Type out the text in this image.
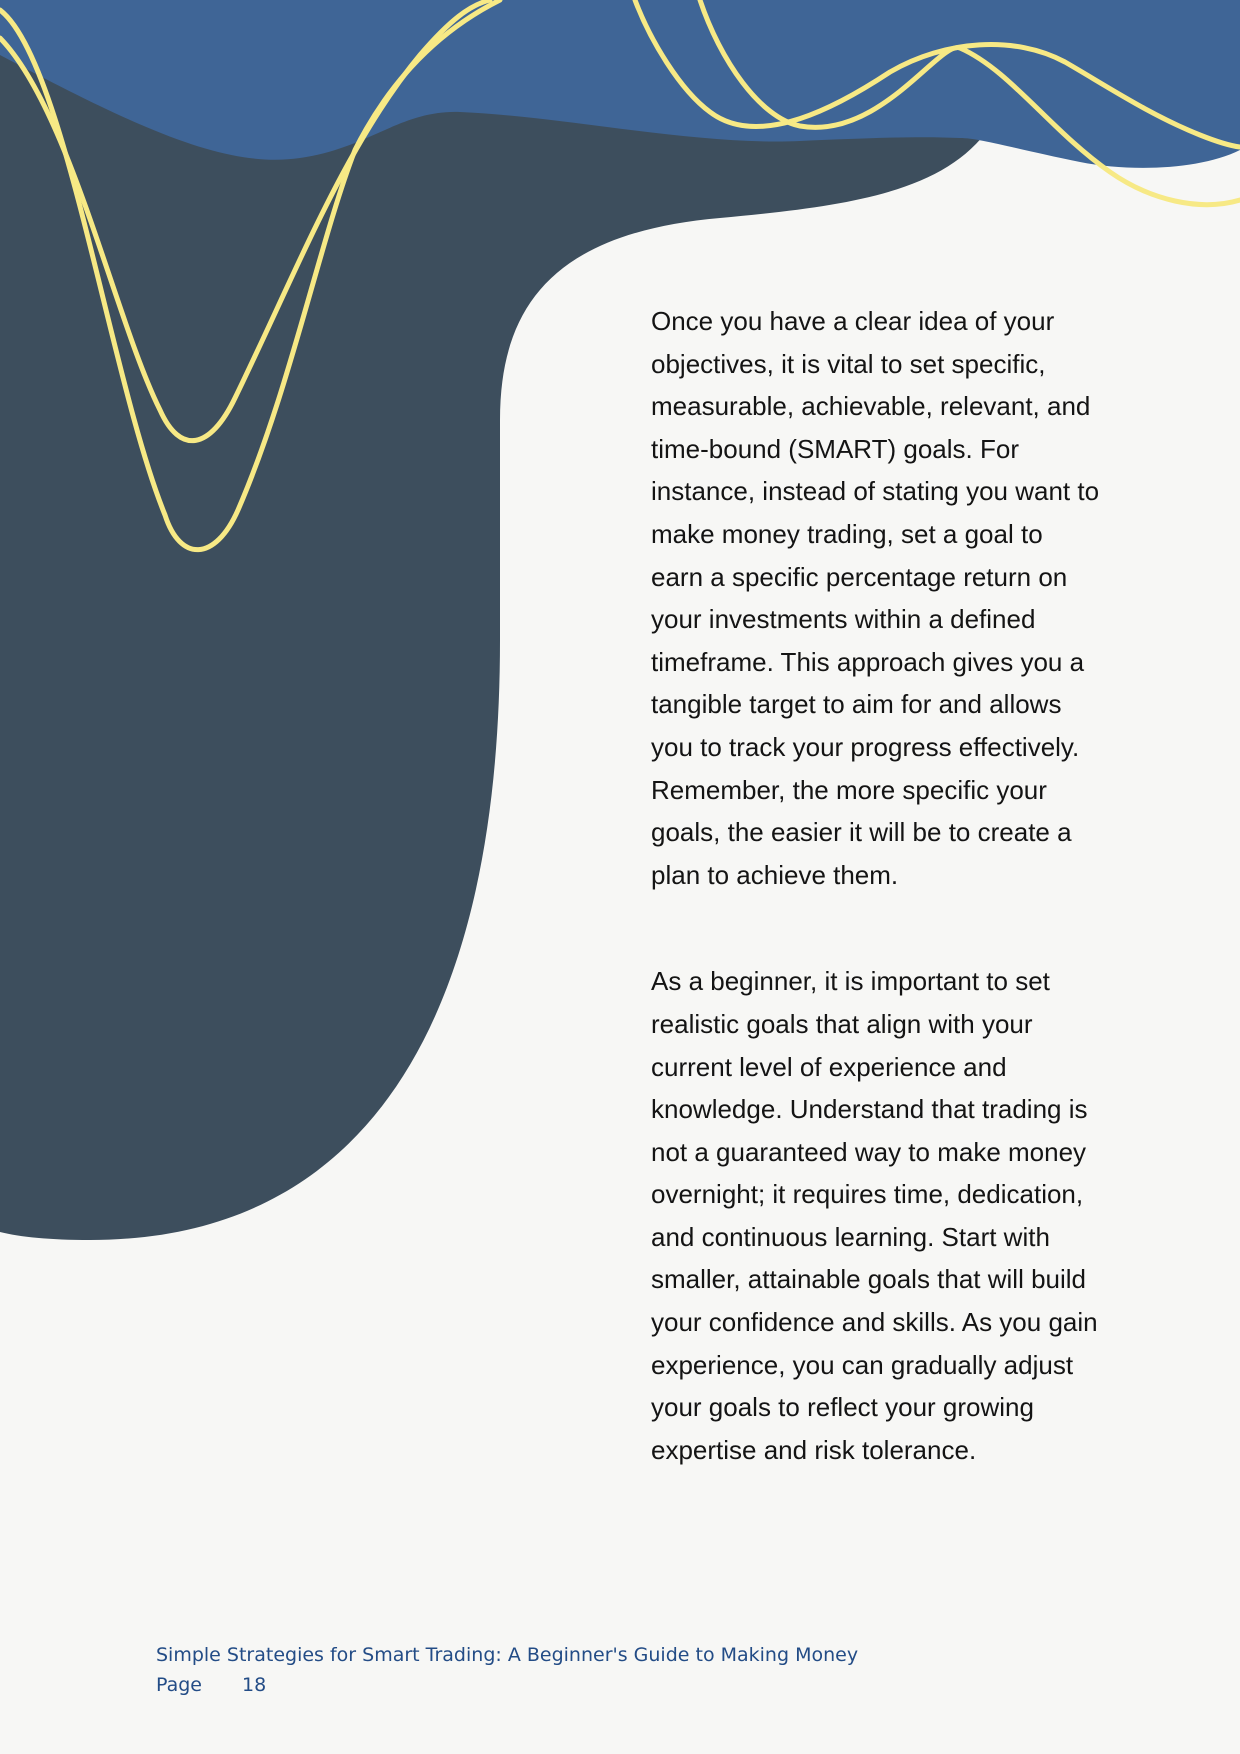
Once you have a clear idea of your objectives, it is vital to set specific, measurable, achievable, relevant, and time-bound (SMART) goals. For instance, instead of stating you want to make money trading, set a goal to earn a specific percentage return on your investments within a defined timeframe. This approach gives you a tangible target to aim for and allows you to track your progress effectively. Remember, the more specific your goals, the easier it will be to create a plan to achieve them.

As a beginner, it is important to set realistic goals that align with your current level of experience and knowledge. Understand that trading is not a guaranteed way to make money overnight; it requires time, dedication, and continuous learning. Start with smaller, attainable goals that will build your confidence and skills. As you gain experience, you can gradually adjust your goals to reflect your growing expertise and risk tolerance.

Simple Strategies for Smart Trading: A Beginner's Guide to Making Money
Page 18
